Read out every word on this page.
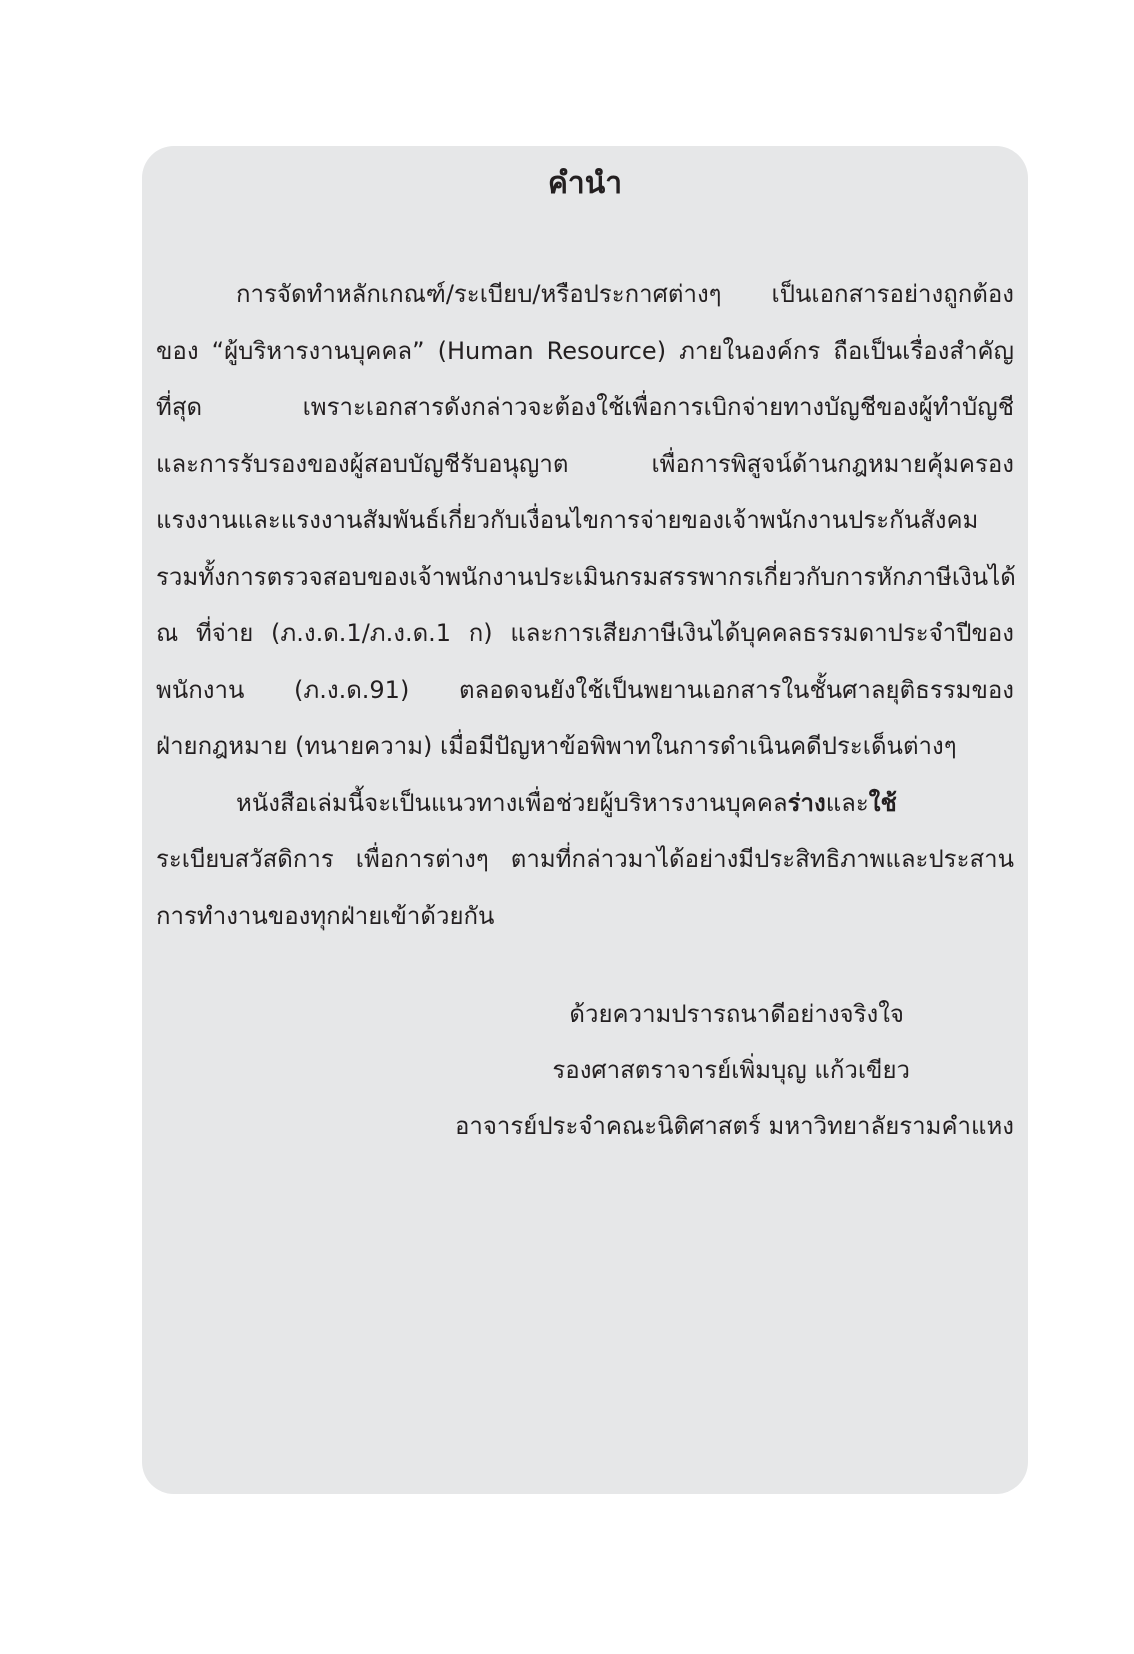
คำนำ
การจัดทำหลักเกณฑ์/ระเบียบ/หรือประกาศต่างๆ เป็นเอกสารอย่างถูกต้อง
ของ “ผู้บริหารงานบุคคล” (Human Resource) ภายในองค์กร ถือเป็นเรื่องสำคัญ
ที่สุด เพราะเอกสารดังกล่าวจะต้องใช้เพื่อการเบิกจ่ายทางบัญชีของผู้ทำบัญชี
และการรับรองของผู้สอบบัญชีรับอนุญาต เพื่อการพิสูจน์ด้านกฎหมายคุ้มครอง
แรงงานและแรงงานสัมพันธ์เกี่ยวกับเงื่อนไขการจ่ายของเจ้าพนักงานประกันสังคม
รวมทั้งการตรวจสอบของเจ้าพนักงานประเมินกรมสรรพากรเกี่ยวกับการหักภาษีเงินได้
ณ ที่จ่าย (ภ.ง.ด.1/ภ.ง.ด.1 ก) และการเสียภาษีเงินได้บุคคลธรรมดาประจำปีของ
พนักงาน (ภ.ง.ด.91) ตลอดจนยังใช้เป็นพยานเอกสารในชั้นศาลยุติธรรมของ
ฝ่ายกฎหมาย (ทนายความ) เมื่อมีปัญหาข้อพิพาทในการดำเนินคดีประเด็นต่างๆ
หนังสือเล่มนี้จะเป็นแนวทางเพื่อช่วยผู้บริหารงานบุคคลร่างและใช้
ระเบียบสวัสดิการ เพื่อการต่างๆ ตามที่กล่าวมาได้อย่างมีประสิทธิภาพและประสาน
การทำงานของทุกฝ่ายเข้าด้วยกัน
ด้วยความปรารถนาดีอย่างจริงใจ
รองศาสตราจารย์เพิ่มบุญ แก้วเขียว
อาจารย์ประจำคณะนิติศาสตร์ มหาวิทยาลัยรามคำแหง
